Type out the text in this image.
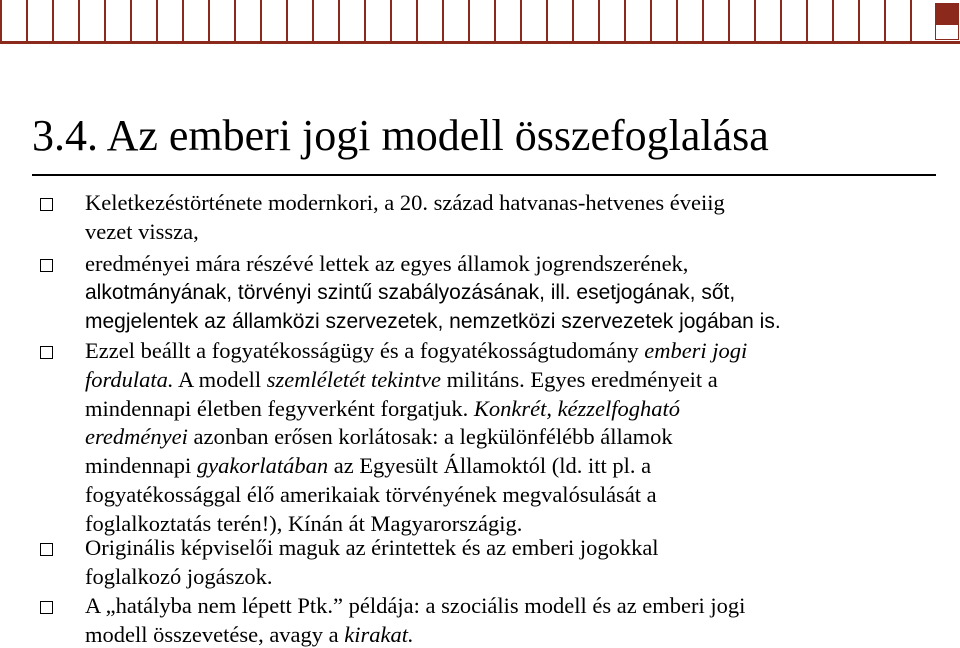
3.4. Az emberi jogi modell összefoglalása
Keletkezéstörténete modernkori, a 20. század hatvanas-hetvenes éveiig
vezet vissza,
eredményei mára részévé lettek az egyes államok jogrendszerének,
alkotmányának, törvényi szintű szabályozásának, ill. esetjogának, sőt,
megjelentek az államközi szervezetek, nemzetközi szervezetek jogában is.
Ezzel beállt a fogyatékosságügy és a fogyatékosságtudomány emberi jogi
fordulata. A modell szemléletét tekintve militáns. Egyes eredményeit a
mindennapi életben fegyverként forgatjuk. Konkrét, kézzelfogható
eredményei azonban erősen korlátosak: a legkülönfélébb államok
mindennapi gyakorlatában az Egyesült Államoktól (ld. itt pl. a
fogyatékossággal élő amerikaiak törvényének megvalósulását a
foglalkoztatás terén!), Kínán át Magyarországig.
Originális képviselői maguk az érintettek és az emberi jogokkal
foglalkozó jogászok.
A „hatályba nem lépett Ptk.” példája: a szociális modell és az emberi jogi
modell összevetése, avagy a kirakat.
